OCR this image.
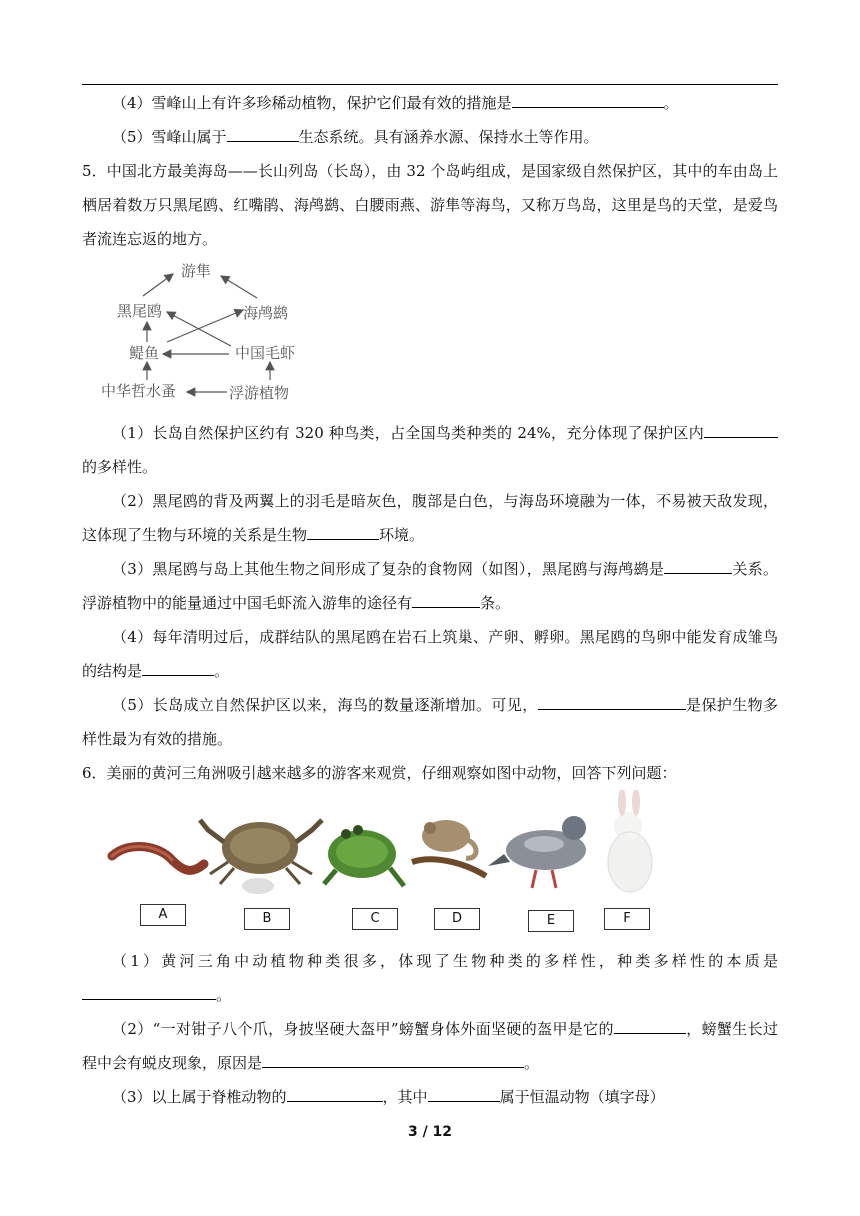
（4）雪峰山上有许多珍稀动植物，保护它们最有效的措施是	。
（5）雪峰山属于	生态系统。具有涵养水源、保持水土等作用。
5．中国北方最美海岛——长山列岛（长岛），由 32 个岛屿组成，是国家级自然保护区，其中的车由岛上栖居着数万只黑尾鸥、红嘴鹃、海鸬鹚、白腰雨燕、游隼等海鸟，又称万鸟岛，这里是鸟的天堂，是爱鸟者流连忘返的地方。
游隼
黑尾鸥	海鸬鹚
鳀鱼	中国毛虾
中华哲水蚤	浮游植物
（1）长岛自然保护区约有 320 种鸟类，占全国鸟类种类的 24%，充分体现了保护区内的多样性。
（2）黑尾鸥的背及两翼上的羽毛是暗灰色，腹部是白色，与海岛环境融为一体，不易被天敌发现，这体现了生物与环境的关系是生物	环境。
（3）黑尾鸥与岛上其他生物之间形成了复杂的食物网（如图），黑尾鸥与海鸬鹚是	关系。浮游植物中的能量通过中国毛虾流入游隼的途径有	条。
（4）每年清明过后，成群结队的黑尾鸥在岩石上筑巢、产卵、孵卵。黑尾鸥的鸟卵中能发育成雏鸟的结构是	。
（5）长岛成立自然保护区以来，海鸟的数量逐渐增加。可见，	是保护生物多样性最为有效的措施。
6．美丽的黄河三角洲吸引越来越多的游客来观赏，仔细观察如图中动物，回答下列问题：
A	B	C	D	E	F
（1）黄河三角中动植物种类很多，体现了生物种类的多样性，种类多样性的本质是。
（2）“一对钳子八个爪，身披坚硬大盔甲”螃蟹身体外面坚硬的盔甲是它的	，螃蟹生长过程中会有蜕皮现象，原因是	。
（3）以上属于脊椎动物的	，其中	属于恒温动物（填字母）
3 / 12
